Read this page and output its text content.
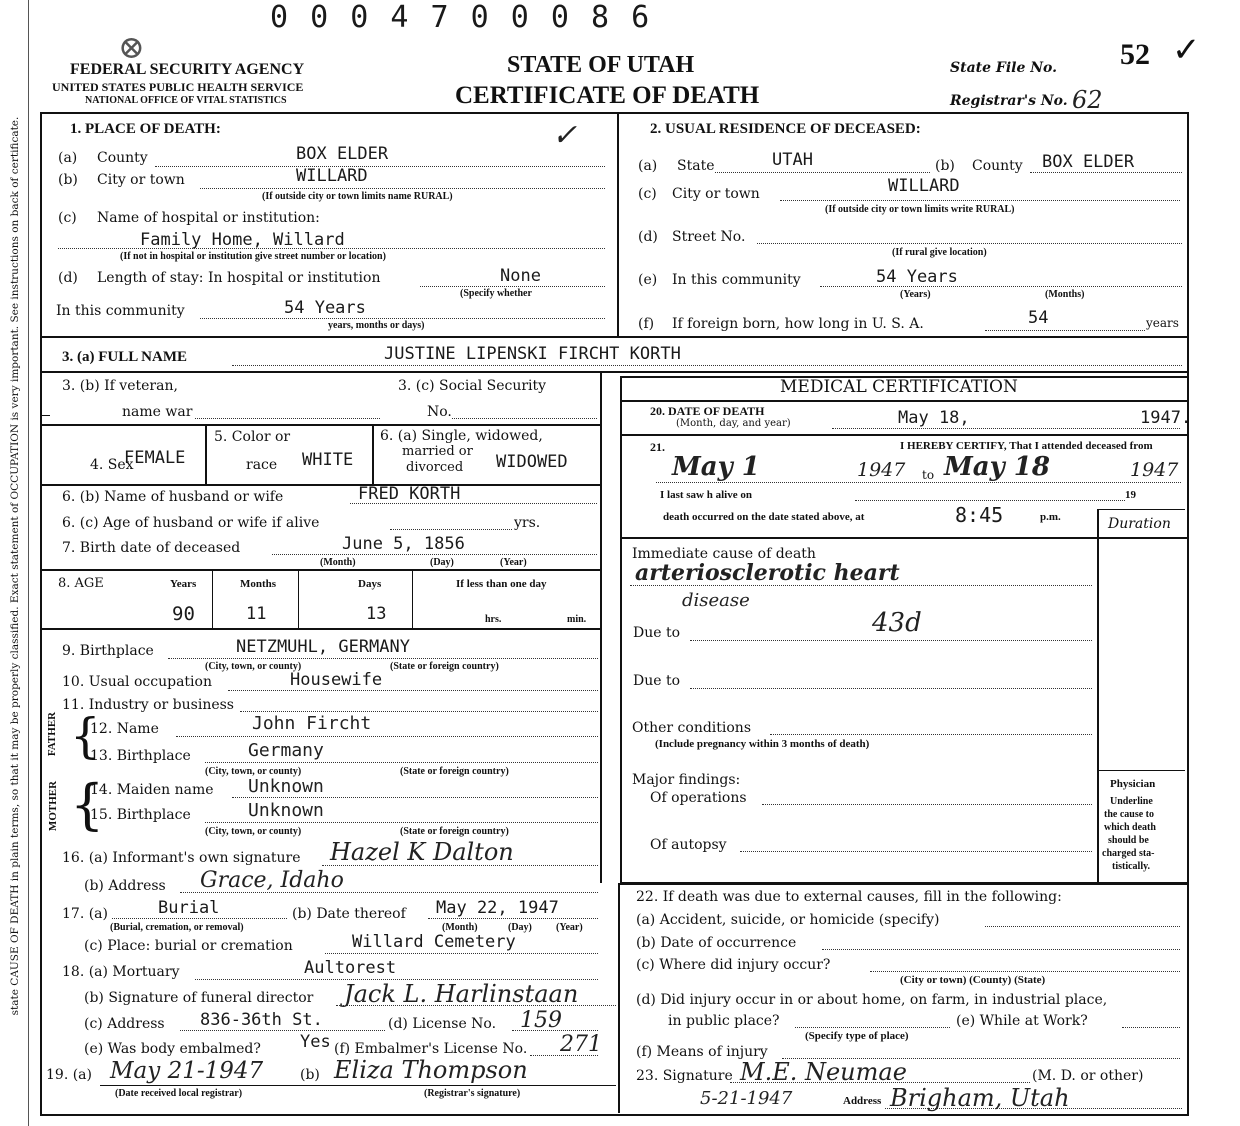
state CAUSE OF DEATH in plain terms, so that it may be properly classified. Exact statement of OCCUPATION is very important. See instructions on back of certificate.
0 0 0 4 7 0 0 0 8 6
⊗
FEDERAL SECURITY AGENCY
UNITED STATES PUBLIC HEALTH SERVICE
NATIONAL OFFICE OF VITAL STATISTICS
STATE OF UTAH
CERTIFICATE OF DEATH
State File No. 52 ✓
Registrar's No. 62
1. PLACE OF DEATH:	✓
(a) County	BOX ELDER
(b) City or town	WILLARD
(If outside city or town limits name RURAL)
(c) Name of hospital or institution:
Family Home, Willard
(If not in hospital or institution give street number or location)
(d) Length of stay: In hospital or institution	None
(Specify whether
In this community	54 Years
years, months or days)
2. USUAL RESIDENCE OF DECEASED:
(a) State	UTAH	(b) County BOX ELDER
(c) City or town	WILLARD
(If outside city or town limits write RURAL)
(d) Street No.
(If rural give location)
(e) In this community	54 Years
(Years)	(Months)
(f) If foreign born, how long in U. S. A.	54	years
3. (a) FULL NAME	JUSTINE LIPENSKI FIRCHT KORTH
3. (b) If veteran,
name war
3. (c) Social Security
No.
4. Sex
FEMALE
5. Color or
race WHITE
6. (a) Single, widowed,
married or
divorced WIDOWED
6. (b) Name of husband or wife	FRED KORTH
6. (c) Age of husband or wife if alive	yrs.
7. Birth date of deceased	June 5, 1856
(Month)	(Day)	(Year)
8. AGE	Years	Months	Days	If less than one day
90	11	13	hrs.	min.
9. Birthplace	NETZMUHL, GERMANY
(City, town, or county)	(State or foreign country)
10. Usual occupation	Housewife
11. Industry or business
FATHER {
12. Name	John Fircht
13. Birthplace	Germany
(City, town, or county)	(State or foreign country)
MOTHER {
14. Maiden name Unknown
15. Birthplace	Unknown
(City, town, or county)	(State or foreign country)
16. (a) Informant's own signature Hazel K Dalton
(b) Address Grace, Idaho
17. (a)	Burial
(Burial, cremation, or removal)
(b) Date thereof May 22, 1947
(Month)	(Day) (Year)
(c) Place: burial or cremation	Willard Cemetery
18. (a) Mortuary	Aultorest
(b) Signature of funeral director Jack L. Harlinstaan
(c) Address 836-36th St.	(d) License No. 159
(e) Was body embalmed? Yes (f) Embalmer's License No. 271
19. (a) May 21-1947	(b) Eliza Thompson
(Date received local registrar)	(Registrar's signature)
MEDICAL CERTIFICATION
20. DATE OF DEATH
(Month, day, and year)	May 18,	1947.
21.	I HEREBY CERTIFY, That I attended deceased from
May 1	1947 to May 18	1947
I last saw h alive on	19
death occurred on the date stated above, at	8:45	p.m.	Duration
Immediate cause of death
arteriosclerotic heart
disease
43d
Due to
Due to
Other conditions
(Include pregnancy within 3 months of death)
Major findings:
Of operations
Of autopsy
Physician
Underline
the cause to
which death
should be
charged sta-
tistically.
22. If death was due to external causes, fill in the following:
(a) Accident, suicide, or homicide (specify)
(b) Date of occurrence
(c) Where did injury occur?
(City or town) (County) (State)
(d) Did injury occur in or about home, on farm, in industrial place,
in public place?	(e) While at Work?
(Specify type of place)
(f) Means of injury
23. Signature M.E. Neumae	(M. D. or other)
5-21-1947	Address Brigham, Utah
